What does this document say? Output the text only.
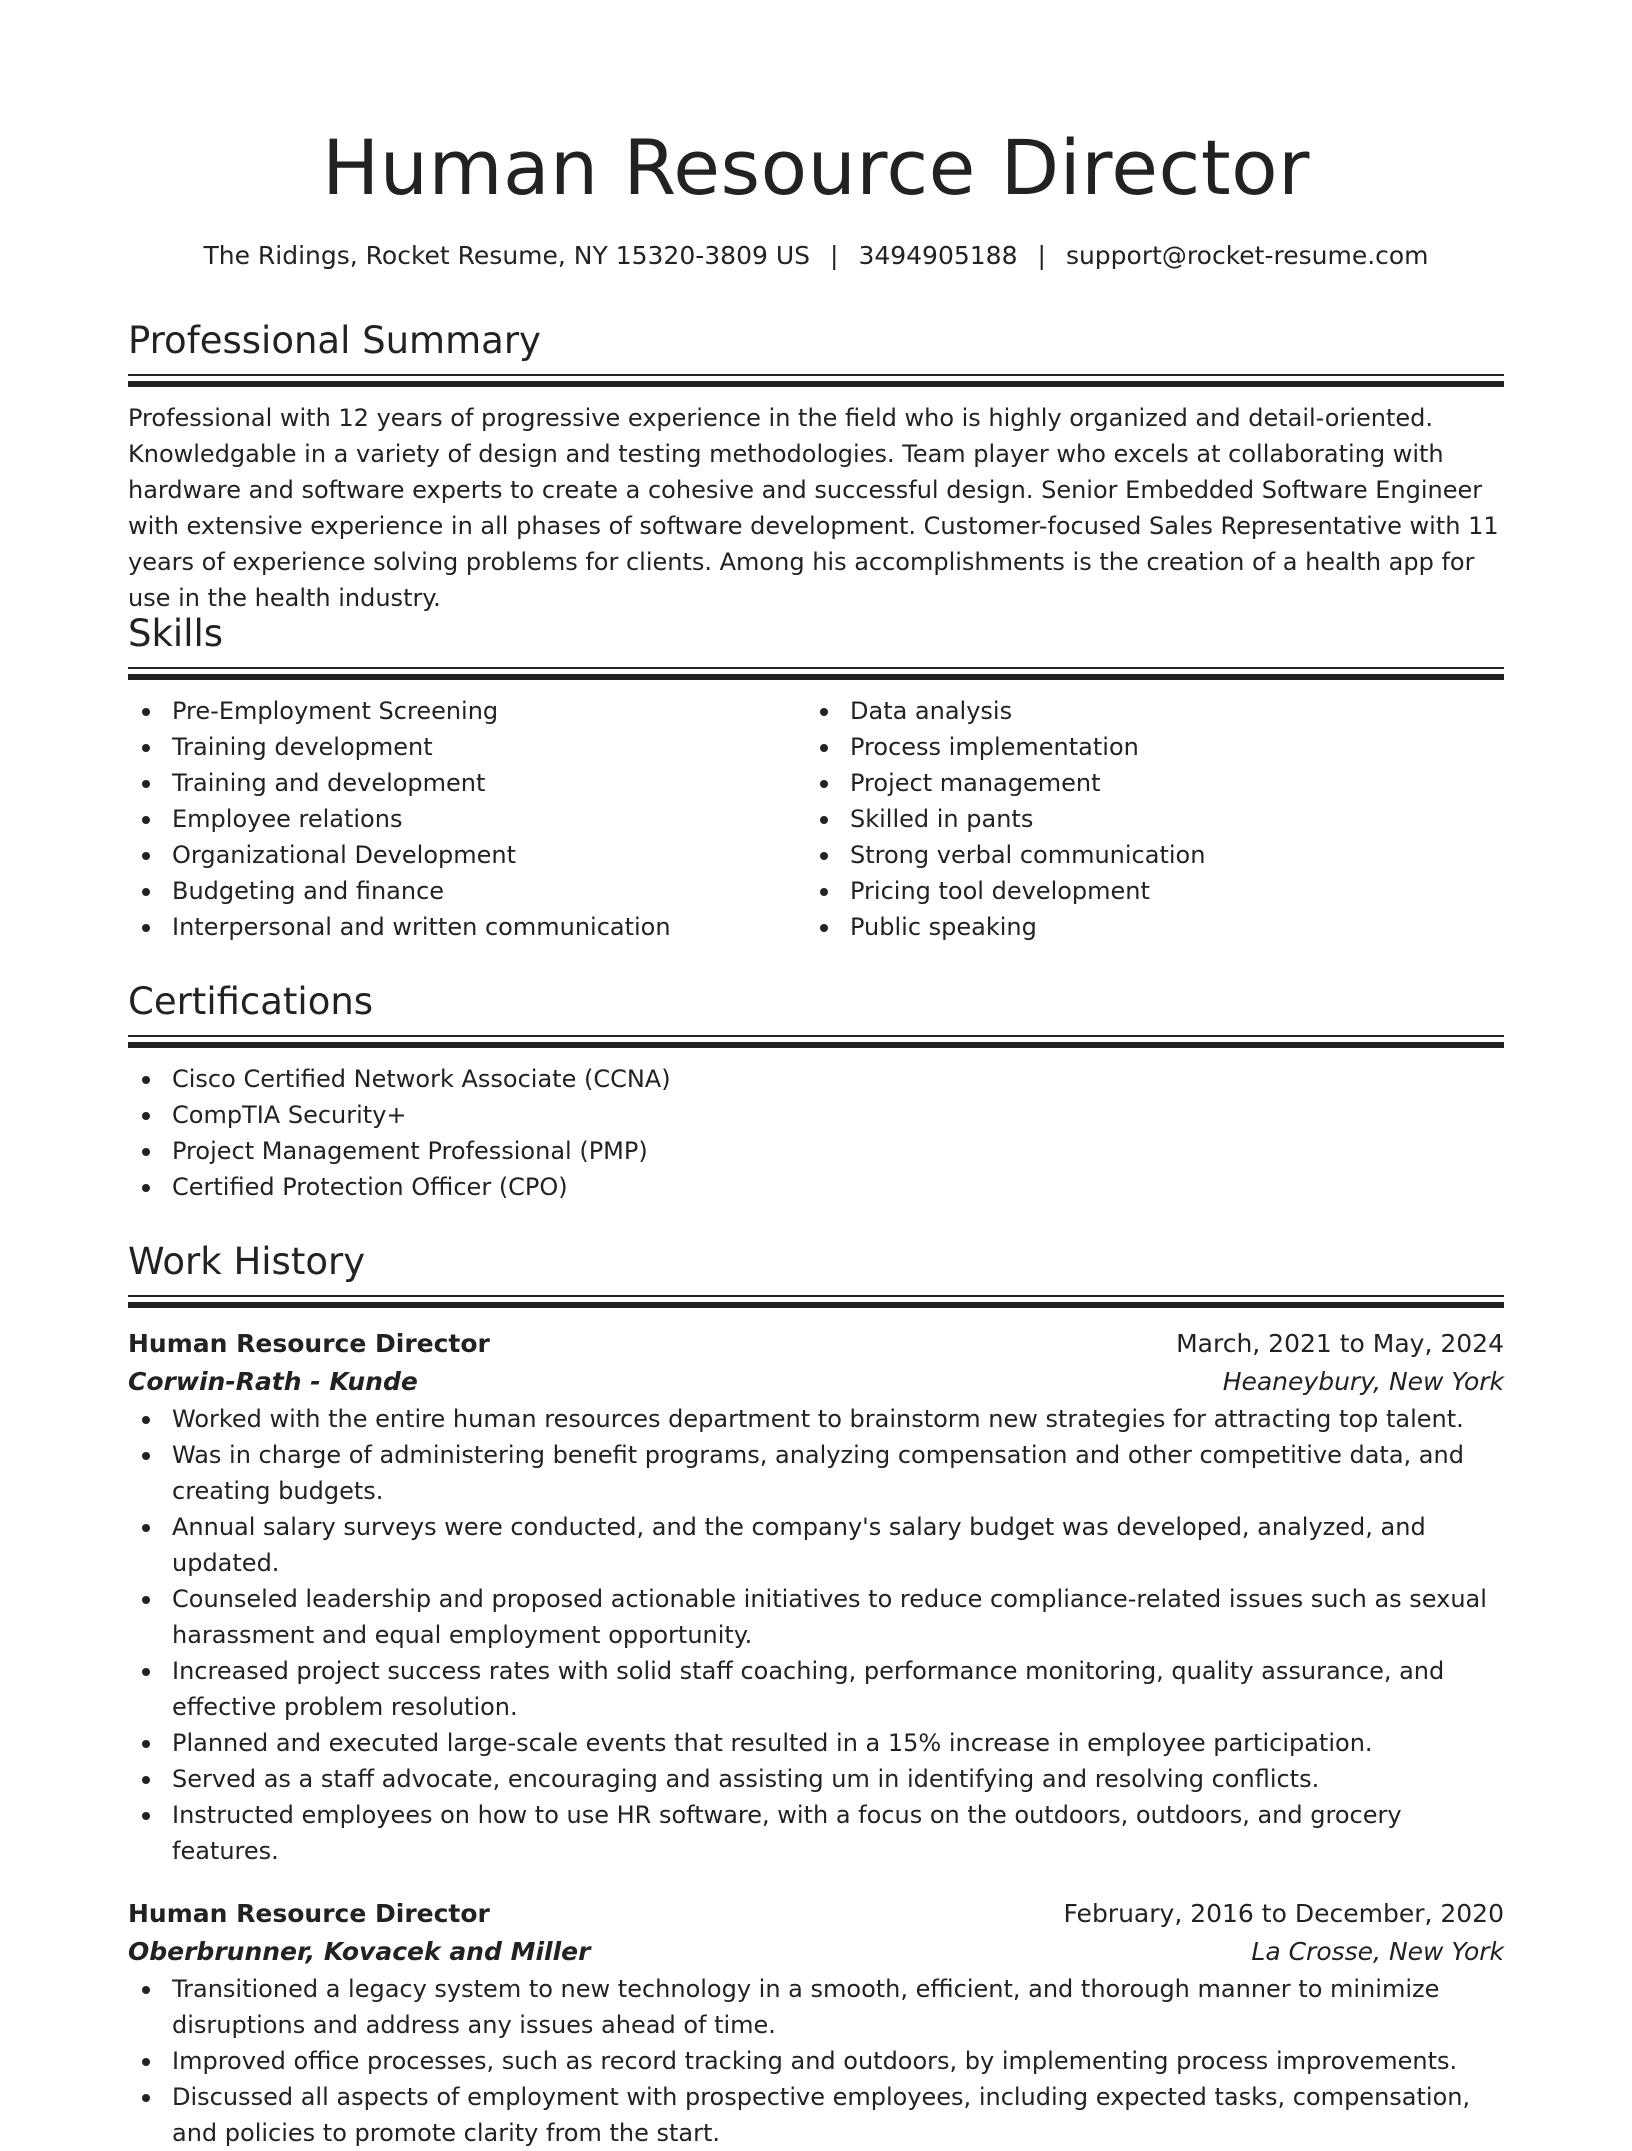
Human Resource Director
The Ridings, Rocket Resume, NY 15320-3809 US | 3494905188 | support@rocket-resume.com
Professional Summary

Professional with 12 years of progressive experience in the field who is highly organized and detail-oriented. Knowledgable in a variety of design and testing methodologies. Team player who excels at collaborating with hardware and software experts to create a cohesive and successful design. Senior Embedded Software Engineer with extensive experience in all phases of software development. Customer-focused Sales Representative with 11 years of experience solving problems for clients. Among his accomplishments is the creation of a health app for use in the health industry.

Skills
Pre-Employment Screening
Training development
Training and development
Employee relations
Organizational Development
Budgeting and finance
Interpersonal and written communication
Data analysis
Process implementation
Project management
Skilled in pants
Strong verbal communication
Pricing tool development
Public speaking
Certifications
Cisco Certified Network Associate (CCNA)
CompTIA Security+
Project Management Professional (PMP)
Certified Protection Officer (CPO)
Work History
Human Resource Director	March, 2021 to May, 2024
Corwin-Rath - Kunde	Heaneybury, New York
Worked with the entire human resources department to brainstorm new strategies for attracting top talent.
Was in charge of administering benefit programs, analyzing compensation and other competitive data, and creating budgets.
Annual salary surveys were conducted, and the company's salary budget was developed, analyzed, and updated.
Counseled leadership and proposed actionable initiatives to reduce compliance-related issues such as sexual harassment and equal employment opportunity.
Increased project success rates with solid staff coaching, performance monitoring, quality assurance, and effective problem resolution.
Planned and executed large-scale events that resulted in a 15% increase in employee participation.
Served as a staff advocate, encouraging and assisting um in identifying and resolving conflicts.
Instructed employees on how to use HR software, with a focus on the outdoors, outdoors, and grocery features.
Human Resource Director	February, 2016 to December, 2020
Oberbrunner, Kovacek and Miller	La Crosse, New York
Transitioned a legacy system to new technology in a smooth, efficient, and thorough manner to minimize disruptions and address any issues ahead of time.
Improved office processes, such as record tracking and outdoors, by implementing process improvements.
Discussed all aspects of employment with prospective employees, including expected tasks, compensation, and policies to promote clarity from the start.
